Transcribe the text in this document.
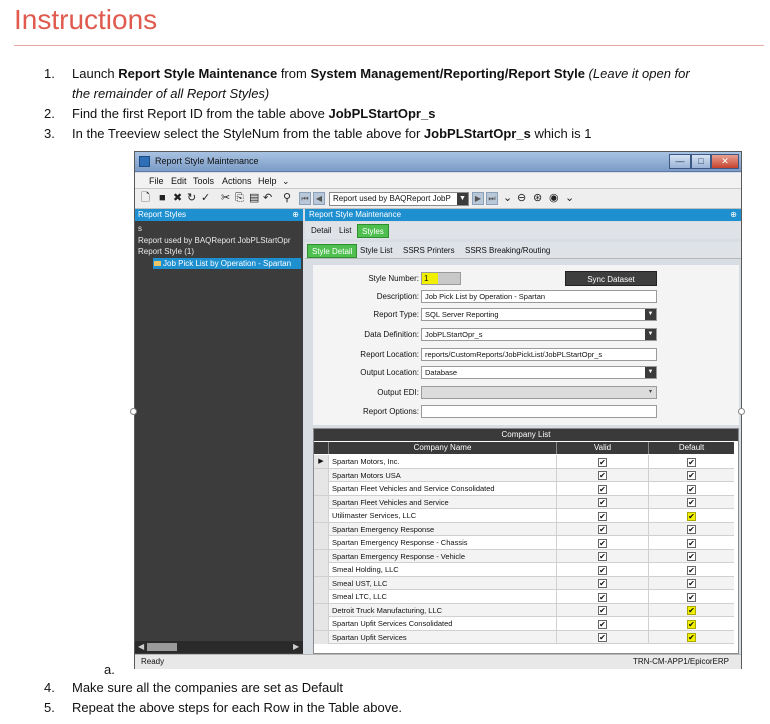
Instructions
1.	Launch Report Style Maintenance from System Management/Reporting/Report Style (Leave it open for
the remainder of all Report Styles)
2.	Find the first Report ID from the table above JobPLStartOpr_s
3.	In the Treeview select the StyleNum from the table above for JobPLStartOpr_s which is 1
Report Style Maintenance	—	□	✕
File Edit Tools Actions Help ⌄
🗋 ■ ✖ ↻ ✓ ✂ ⎘ ▤ ↶ ⚲ ⏮ ◀	Report used by BAQReport JobP ▼	▶ ⏭ ⌄ ⊖ ⊛ ◉ ⌄
Report Styles	⊕
s
Report used by BAQReport JobPLStartOpr
Report Style (1)
Job Pick List by Operation - Spartan
◀	▶
Report Style Maintenance	⊕
Detail List	Styles
Style Detail Style List	SSRS Printers	SSRS Breaking/Routing
Style Number: 1	Sync Dataset
Description: Job Pick List by Operation - Spartan
Report Type: SQL Server Reporting	▼
Data Definition: JobPLStartOpr_s	▼
Report Location: reports/CustomReports/JobPickList/JobPLStartOpr_s
Output Location: Database	▼
Output EDI:	▾
Report Options:
Company List
Company Name	Valid	Default
▶	Spartan Motors, Inc.	✔	✔
Spartan Motors USA	✔	✔
Spartan Fleet Vehicles and Service Consolidated	✔	✔
Spartan Fleet Vehicles and Service	✔	✔
Utilimaster Services, LLC	✔	✔
Spartan Emergency Response	✔	✔
Spartan Emergency Response - Chassis	✔	✔
Spartan Emergency Response - Vehicle	✔	✔
Smeal Holding, LLC	✔	✔
Smeal UST, LLC	✔	✔
Smeal LTC, LLC	✔	✔
Detroit Truck Manufacturing, LLC	✔	✔
Spartan Upfit Services Consolidated	✔	✔
Spartan Upfit Services	✔	✔
Ready	TRN-CM-APP1/EpicorERP
a.
4.	Make sure all the companies are set as Default
5.	Repeat the above steps for each Row in the Table above.
